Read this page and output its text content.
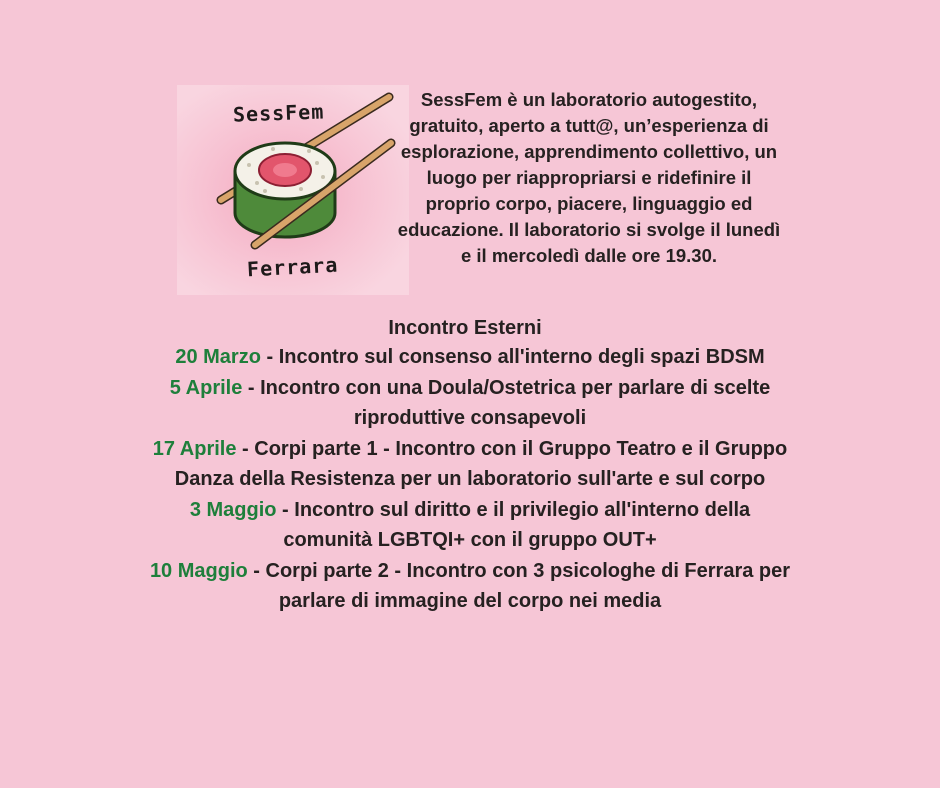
SessFem
Ferrara
SessFem è un laboratorio autogestito, gratuito, aperto a tutt@, un’esperienza di esplorazione, apprendimento collettivo, un luogo per riappropriarsi e ridefinire il proprio corpo, piacere, linguaggio ed educazione. Il laboratorio si svolge il lunedì e il mercoledì dalle ore 19.30.

Incontro Esterni

20 Marzo - Incontro sul consenso all'interno degli spazi BDSM

5 Aprile - Incontro con una Doula/Ostetrica per parlare di scelte riproduttive consapevoli

17 Aprile - Corpi parte 1 - Incontro con il Gruppo Teatro e il Gruppo Danza della Resistenza per un laboratorio sull'arte e sul corpo

3 Maggio - Incontro sul diritto e il privilegio all'interno della comunità LGBTQI+ con il gruppo OUT+

10 Maggio - Corpi parte 2 - Incontro con 3 psicologhe di Ferrara per parlare di immagine del corpo nei media
